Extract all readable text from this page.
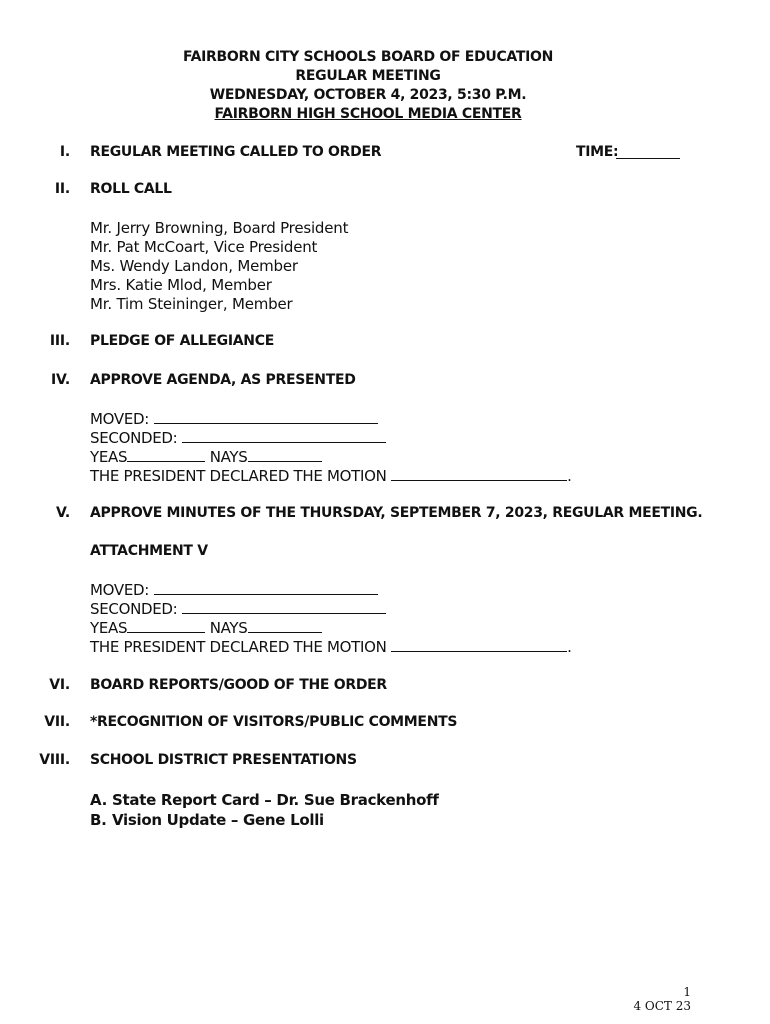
FAIRBORN CITY SCHOOLS BOARD OF EDUCATION
REGULAR MEETING
WEDNESDAY, OCTOBER 4, 2023, 5:30 P.M.
FAIRBORN HIGH SCHOOL MEDIA CENTER
I. REGULAR MEETING CALLED TO ORDER	TIME:
II. ROLL CALL
Mr. Jerry Browning, Board President
Mr. Pat McCoart, Vice President
Ms. Wendy Landon, Member
Mrs. Katie Mlod, Member
Mr. Tim Steininger, Member
III. PLEDGE OF ALLEGIANCE
IV. APPROVE AGENDA, AS PRESENTED
MOVED:
SECONDED:
YEAS	NAYS
THE PRESIDENT DECLARED THE MOTION	.
V. APPROVE MINUTES OF THE THURSDAY, SEPTEMBER 7, 2023, REGULAR MEETING.
ATTACHMENT V
MOVED:
SECONDED:
YEAS	NAYS
THE PRESIDENT DECLARED THE MOTION	.
VI. BOARD REPORTS/GOOD OF THE ORDER
VII. *RECOGNITION OF VISITORS/PUBLIC COMMENTS
VIII. SCHOOL DISTRICT PRESENTATIONS
A. State Report Card – Dr. Sue Brackenhoff
B. Vision Update – Gene Lolli
1
4 OCT 23
